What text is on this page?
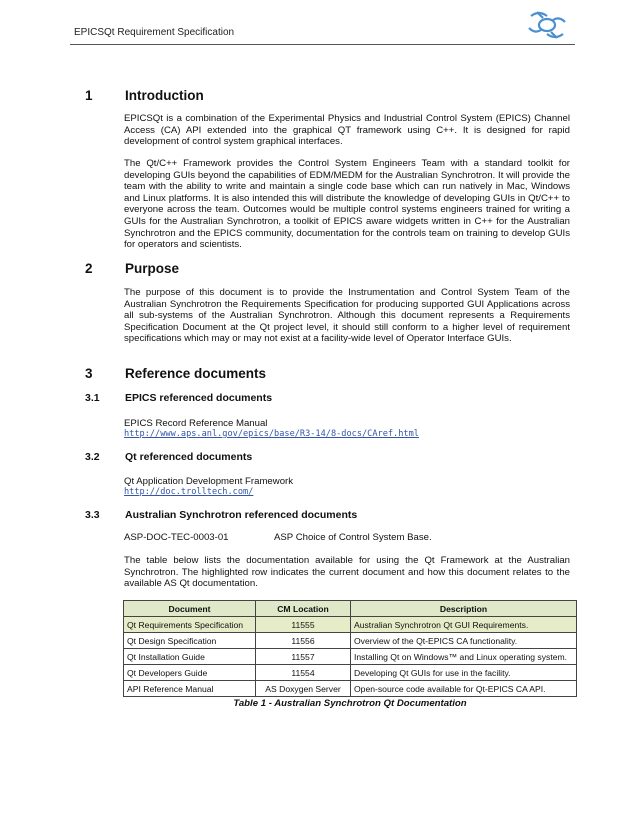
EPICSQt Requirement Specification
1 Introduction
EPICSQt is a combination of the Experimental Physics and Industrial Control System (EPICS) Channel Access (CA) API extended into the graphical QT framework using C++. It is designed for rapid development of control system graphical interfaces.
The Qt/C++ Framework provides the Control System Engineers Team with a standard toolkit for developing GUIs beyond the capabilities of EDM/MEDM for the Australian Synchrotron. It will provide the team with the ability to write and maintain a single code base which can run natively in Mac, Windows and Linux platforms. It is also intended this will distribute the knowledge of developing GUIs in Qt/C++ to everyone across the team. Outcomes would be multiple control systems engineers trained for writing a GUIs for the Australian Synchrotron, a toolkit of EPICS aware widgets written in C++ for the Australian Synchrotron and the EPICS community, documentation for the controls team on training to develop GUIs for operators and scientists.
2 Purpose
The purpose of this document is to provide the Instrumentation and Control System Team of the Australian Synchrotron the Requirements Specification for producing supported GUI Applications across all sub-systems of the Australian Synchrotron. Although this document represents a Requirements Specification Document at the Qt project level, it should still conform to a higher level of requirement specifications which may or may not exist at a facility-wide level of Operator Interface GUIs.
3 Reference documents
3.1 EPICS referenced documents
EPICS Record Reference Manual
http://www.aps.anl.gov/epics/base/R3-14/8-docs/CAref.html
3.2 Qt referenced documents
Qt Application Development Framework
http://doc.trolltech.com/
3.3 Australian Synchrotron referenced documents
ASP-DOC-TEC-0003-01	ASP Choice of Control System Base.
The table below lists the documentation available for using the Qt Framework at the Australian Synchrotron. The highlighted row indicates the current document and how this document relates to the available AS Qt documentation.
Document	CM Location	Description
Qt Requirements Specification	11555	Australian Synchrotron Qt GUI Requirements.
Qt Design Specification	11556	Overview of the Qt-EPICS CA functionality.
Qt Installation Guide	11557	Installing Qt on Windows™ and Linux operating system.
Qt Developers Guide	11554	Developing Qt GUIs for use in the facility.
API Reference Manual	AS Doxygen Server	Open-source code available for Qt-EPICS CA API.
Table 1 - Australian Synchrotron Qt Documentation
